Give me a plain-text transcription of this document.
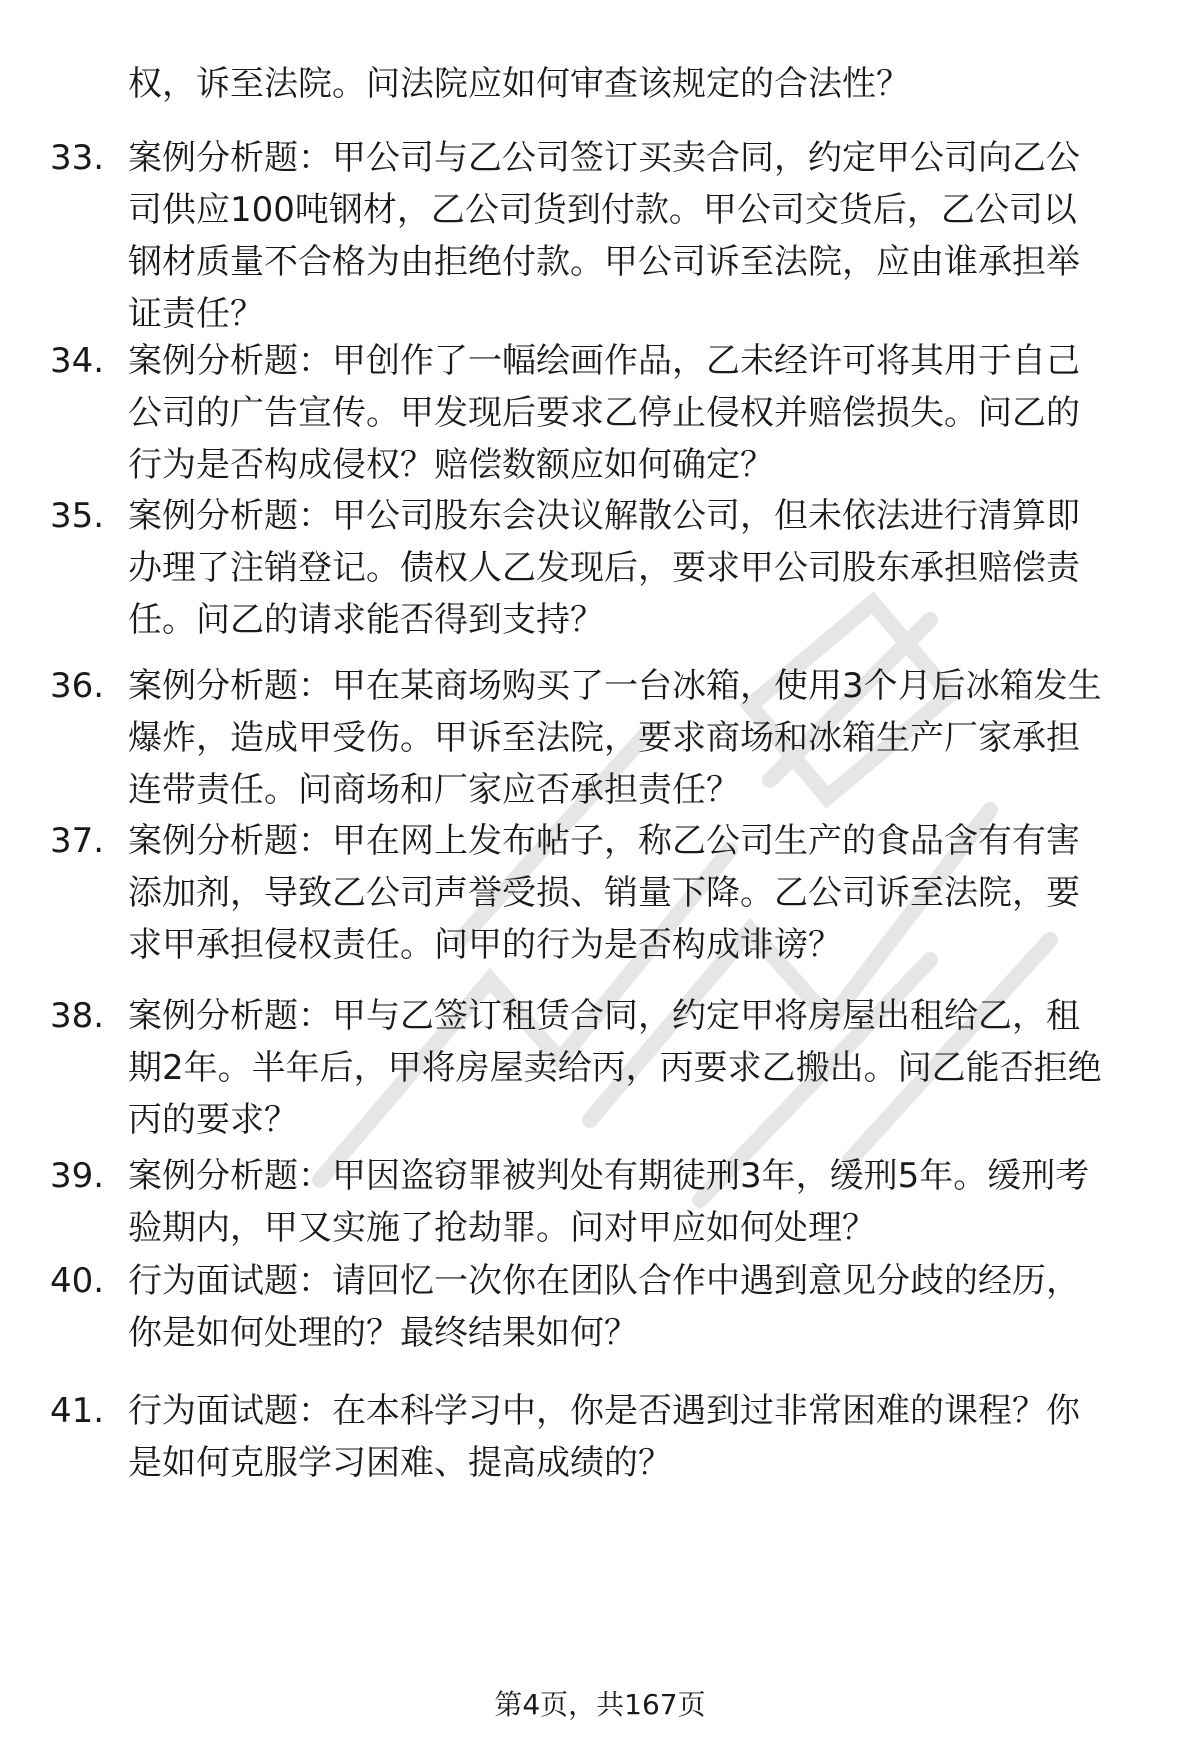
权，诉至法院。问法院应如何审查该规定的合法性？
33. 案例分析题：甲公司与乙公司签订买卖合同，约定甲公司向乙公
司供应100吨钢材，乙公司货到付款。甲公司交货后，乙公司以
钢材质量不合格为由拒绝付款。甲公司诉至法院，应由谁承担举
证责任？
34. 案例分析题：甲创作了一幅绘画作品，乙未经许可将其用于自己
公司的广告宣传。甲发现后要求乙停止侵权并赔偿损失。问乙的
行为是否构成侵权？赔偿数额应如何确定？
35. 案例分析题：甲公司股东会决议解散公司，但未依法进行清算即
办理了注销登记。债权人乙发现后，要求甲公司股东承担赔偿责
任。问乙的请求能否得到支持？
36. 案例分析题：甲在某商场购买了一台冰箱，使用3个月后冰箱发生
爆炸，造成甲受伤。甲诉至法院，要求商场和冰箱生产厂家承担
连带责任。问商场和厂家应否承担责任？
37. 案例分析题：甲在网上发布帖子，称乙公司生产的食品含有有害
添加剂，导致乙公司声誉受损、销量下降。乙公司诉至法院，要
求甲承担侵权责任。问甲的行为是否构成诽谤？
38. 案例分析题：甲与乙签订租赁合同，约定甲将房屋出租给乙，租
期2年。半年后，甲将房屋卖给丙，丙要求乙搬出。问乙能否拒绝
丙的要求？
39. 案例分析题：甲因盗窃罪被判处有期徒刑3年，缓刑5年。缓刑考
验期内，甲又实施了抢劫罪。问对甲应如何处理？
40. 行为面试题：请回忆一次你在团队合作中遇到意见分歧的经历，
你是如何处理的？最终结果如何？
41. 行为面试题：在本科学习中，你是否遇到过非常困难的课程？你
是如何克服学习困难、提高成绩的？
第4页，共167页
